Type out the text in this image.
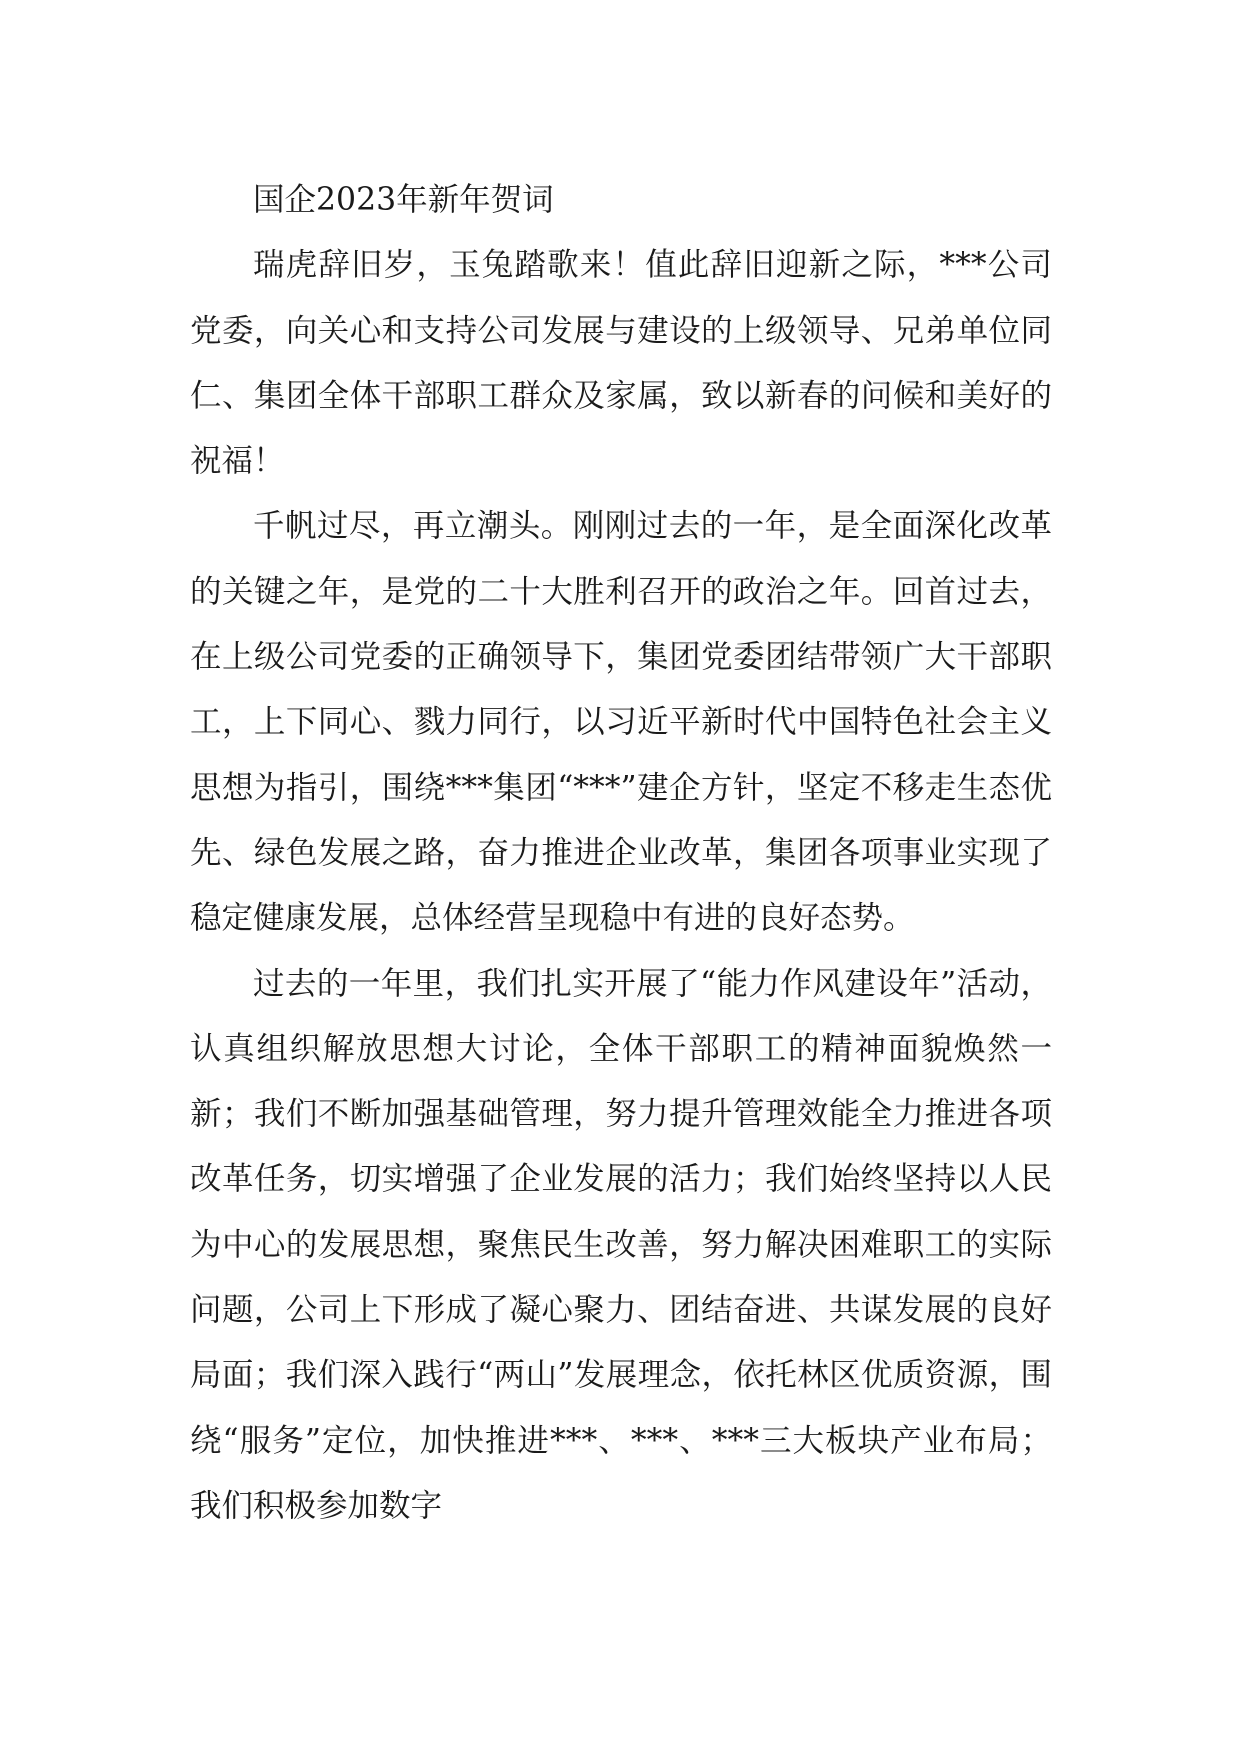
国企2023年新年贺词

瑞虎辞旧岁，玉兔踏歌来！值此辞旧迎新之际，***公司党委，向关心和支持公司发展与建设的上级领导、兄弟单位同仁、集团全体干部职工群众及家属，致以新春的问候和美好的祝福！

千帆过尽，再立潮头。刚刚过去的一年，是全面深化改革的关键之年，是党的二十大胜利召开的政治之年。回首过去，在上级公司党委的正确领导下，集团党委团结带领广大干部职工，上下同心、戮力同行，以习近平新时代中国特色社会主义思想为指引，围绕***集团“***”建企方针，坚定不移走生态优先、绿色发展之路，奋力推进企业改革，集团各项事业实现了稳定健康发展，总体经营呈现稳中有进的良好态势。

过去的一年里，我们扎实开展了“能力作风建设年”活动，认真组织解放思想大讨论，全体干部职工的精神面貌焕然一新；我们不断加强基础管理，努力提升管理效能全力推进各项改革任务，切实增强了企业发展的活力；我们始终坚持以人民为中心的发展思想，聚焦民生改善，努力解决困难职工的实际问题，公司上下形成了凝心聚力、团结奋进、共谋发展的良好局面；我们深入践行“两山”发展理念，依托林区优质资源，围绕“服务”定位，加快推进***、***、***三大板块产业布局；我们积极参加数字
